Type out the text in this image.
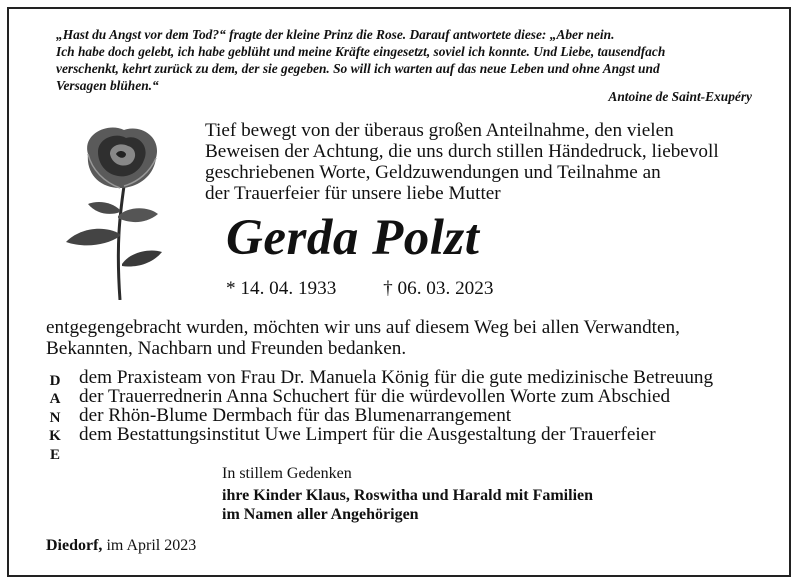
„Hast du Angst vor dem Tod?“ fragte der kleine Prinz die Rose. Darauf antwortete diese: „Aber nein.
Ich habe doch gelebt, ich habe geblüht und meine Kräfte eingesetzt, soviel ich konnte. Und Liebe, tausendfach
verschenkt, kehrt zurück zu dem, der sie gegeben. So will ich warten auf das neue Leben und ohne Angst und
Versagen blühen.“
Antoine de Saint-Exupéry
Tief bewegt von der überaus großen Anteilnahme, den vielen
Beweisen der Achtung, die uns durch stillen Händedruck, liebevoll
geschriebenen Worte, Geldzuwendungen und Teilnahme an
der Trauerfeier für unsere liebe Mutter
Gerda Polzt
* 14. 04. 1933 † 06. 03. 2023
entgegengebracht wurden, möchten wir uns auf diesem Weg bei allen Verwandten,
Bekannten, Nachbarn und Freunden bedanken.
D
A
N
K
E
dem Praxisteam von Frau Dr. Manuela König für die gute medizinische Betreuung
der Trauerrednerin Anna Schuchert für die würdevollen Worte zum Abschied
der Rhön-Blume Dermbach für das Blumenarrangement
dem Bestattungsinstitut Uwe Limpert für die Ausgestaltung der Trauerfeier
In stillem Gedenken
ihre Kinder Klaus, Roswitha und Harald mit Familien
im Namen aller Angehörigen
Diedorf, im April 2023
